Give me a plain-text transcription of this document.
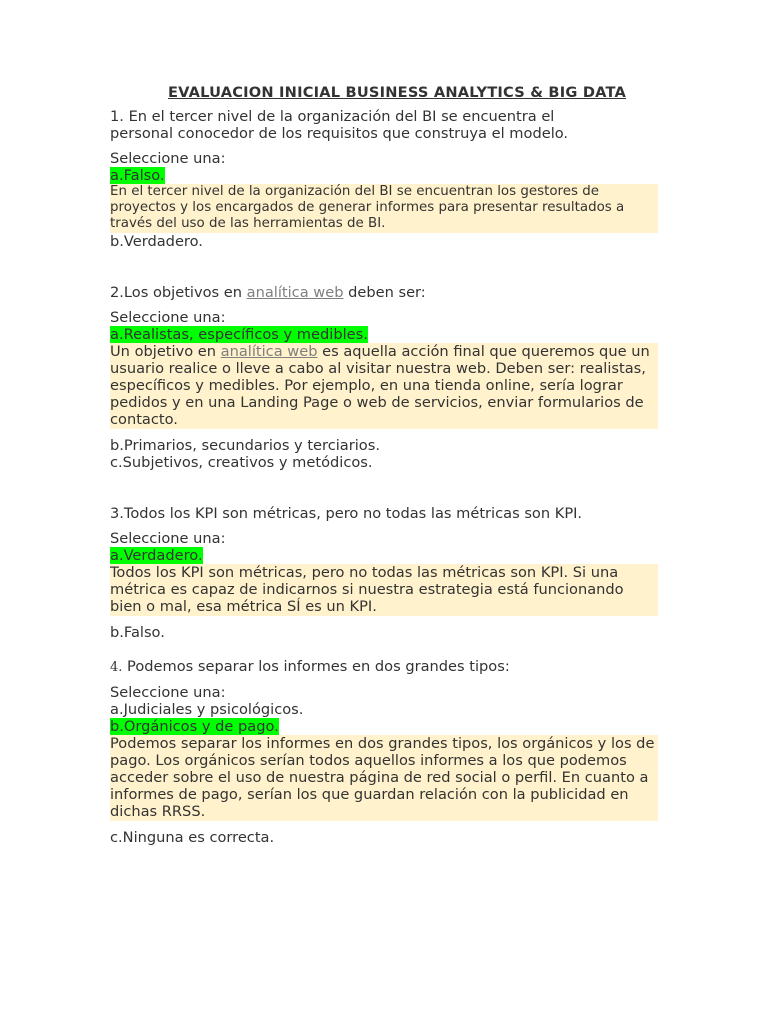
EVALUACION INICIAL BUSINESS ANALYTICS & BIG DATA
1. En el tercer nivel de la organización del BI se encuentra el
personal conocedor de los requisitos que construya el modelo.
Seleccione una:
a.Falso.
En el tercer nivel de la organización del BI se encuentran los gestores de proyectos y los encargados de generar informes para presentar resultados a través del uso de las herramientas de BI.
b.Verdadero.
2.Los objetivos en analítica web deben ser:
Seleccione una:
a.Realistas, específicos y medibles.
Un objetivo en analítica web es aquella acción final que queremos que un usuario realice o lleve a cabo al visitar nuestra web. Deben ser: realistas, específicos y medibles. Por ejemplo, en una tienda online, sería lograr pedidos y en una Landing Page o web de servicios, enviar formularios de contacto.
b.Primarios, secundarios y terciarios.
c.Subjetivos, creativos y metódicos.
3.Todos los KPI son métricas, pero no todas las métricas son KPI.
Seleccione una:
a.Verdadero.
Todos los KPI son métricas, pero no todas las métricas son KPI. Si una métrica es capaz de indicarnos si nuestra estrategia está funcionando bien o mal, esa métrica SÍ es un KPI.
b.Falso.
4. Podemos separar los informes en dos grandes tipos:
Seleccione una:
a.Judiciales y psicológicos.
b.Orgánicos y de pago.
Podemos separar los informes en dos grandes tipos, los orgánicos y los de pago. Los orgánicos serían todos aquellos informes a los que podemos acceder sobre el uso de nuestra página de red social o perfil. En cuanto a informes de pago, serían los que guardan relación con la publicidad en dichas RRSS.
c.Ninguna es correcta.
